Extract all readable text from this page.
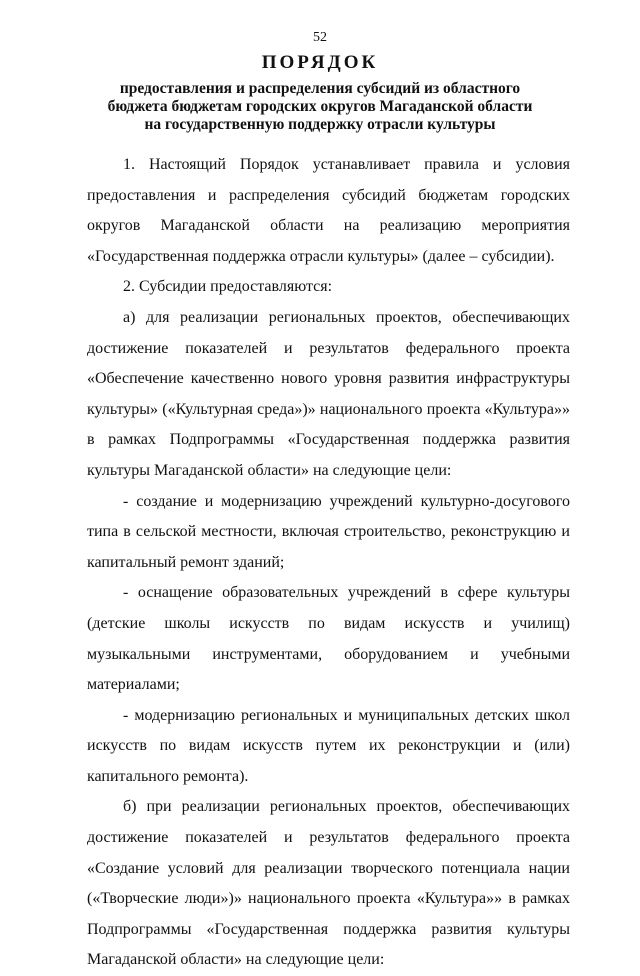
52
ПОРЯДОК
предоставления и распределения субсидий из областного
бюджета бюджетам городских округов Магаданской области
на государственную поддержку отрасли культуры

1. Настоящий Порядок устанавливает правила и условия предоставления и распределения субсидий бюджетам городских округов Магаданской области на реализацию мероприятия «Государственная поддержка отрасли культуры» (далее – субсидии).

2. Субсидии предоставляются:

а) для реализации региональных проектов, обеспечивающих достижение показателей и результатов федерального проекта «Обеспечение качественно нового уровня развития инфраструктуры культуры» («Культурная среда»)» национального проекта «Культура»» в рамках Подпрограммы «Государственная поддержка развития культуры Магаданской области» на следующие цели:

- создание и модернизацию учреждений культурно-досугового типа в сельской местности, включая строительство, реконструкцию и капитальный ремонт зданий;

- оснащение образовательных учреждений в сфере культуры (детские школы искусств по видам искусств и училищ) музыкальными инструментами, оборудованием и учебными материалами;

- модернизацию региональных и муниципальных детских школ искусств по видам искусств путем их реконструкции и (или) капитального ремонта).

б) при реализации региональных проектов, обеспечивающих достижение показателей и результатов федерального проекта «Создание условий для реализации творческого потенциала нации («Творческие люди»)» национального проекта «Культура»» в рамках Подпрограммы «Государственная поддержка развития культуры Магаданской области» на следующие цели:
